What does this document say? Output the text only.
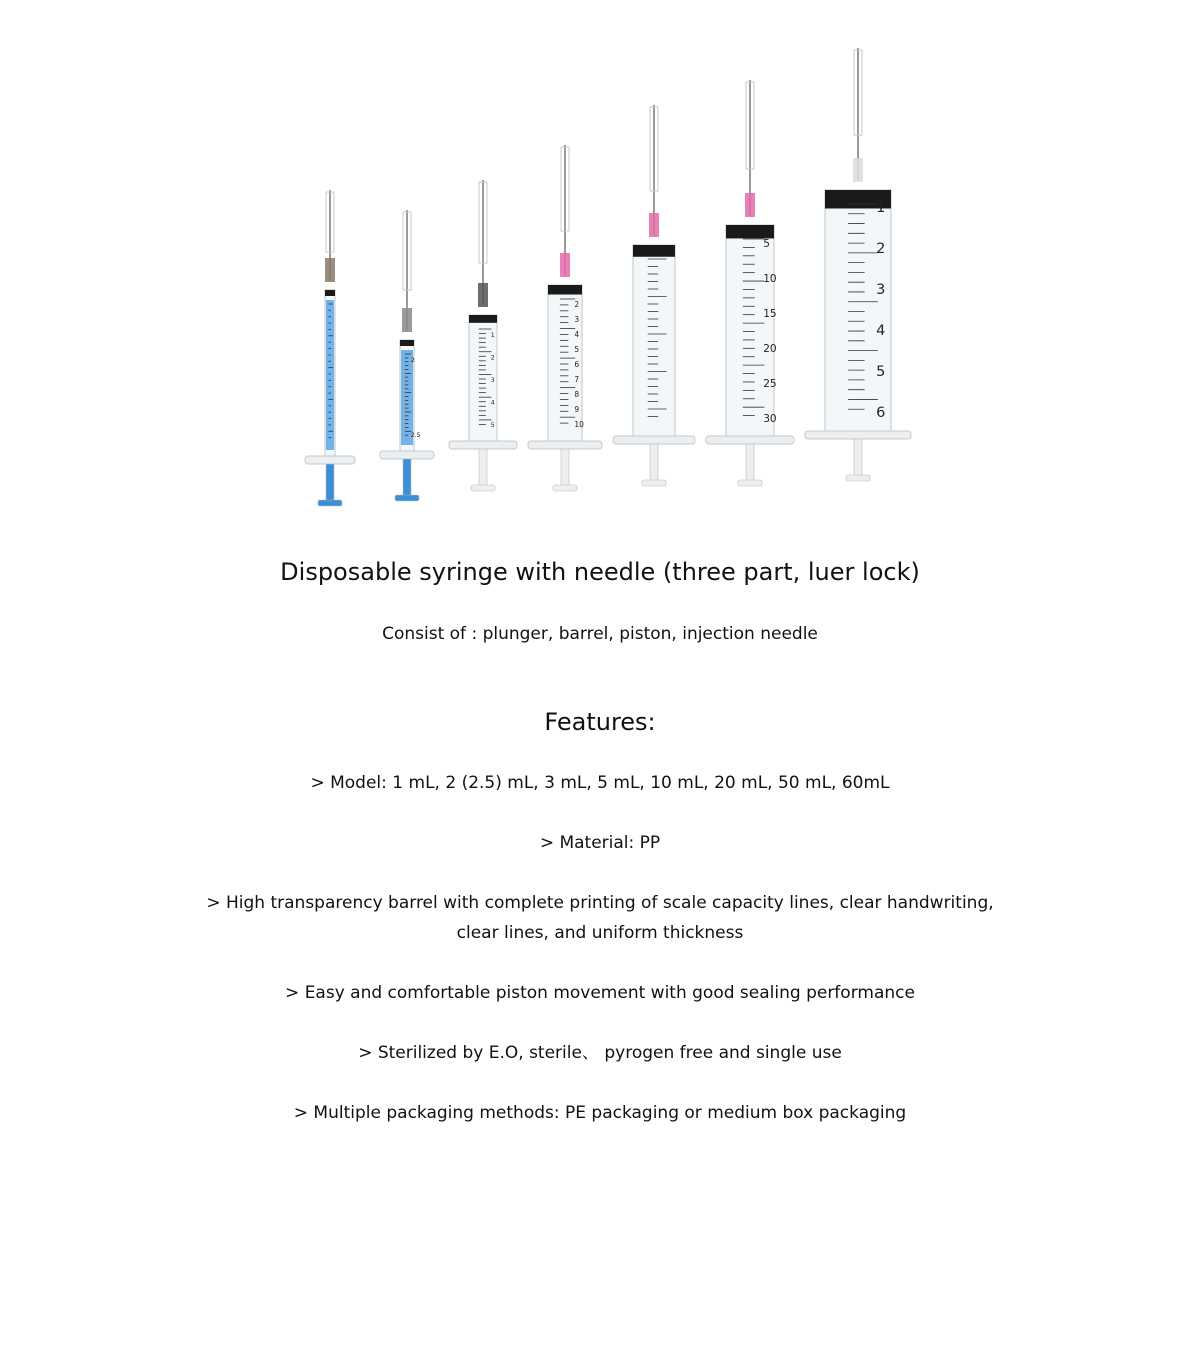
2
2.5
1
2
3
4
5
2
3
4
5
6
7
8
9
10
5
10
15
20
25
30
1
2
3
4
5
6
Disposable syringe with needle (three part, luer lock)

Consist of : plunger, barrel, piston, injection needle

Features:
> Model: 1 mL, 2 (2.5) mL, 3 mL, 5 mL, 10 mL, 20 mL, 50 mL, 60mL
> Material: PP
> High transparency barrel with complete printing of scale capacity lines, clear handwriting, clear lines, and uniform thickness
> Easy and comfortable piston movement with good sealing performance
> Sterilized by E.O, sterile、 pyrogen free and single use
> Multiple packaging methods: PE packaging or medium box packaging
